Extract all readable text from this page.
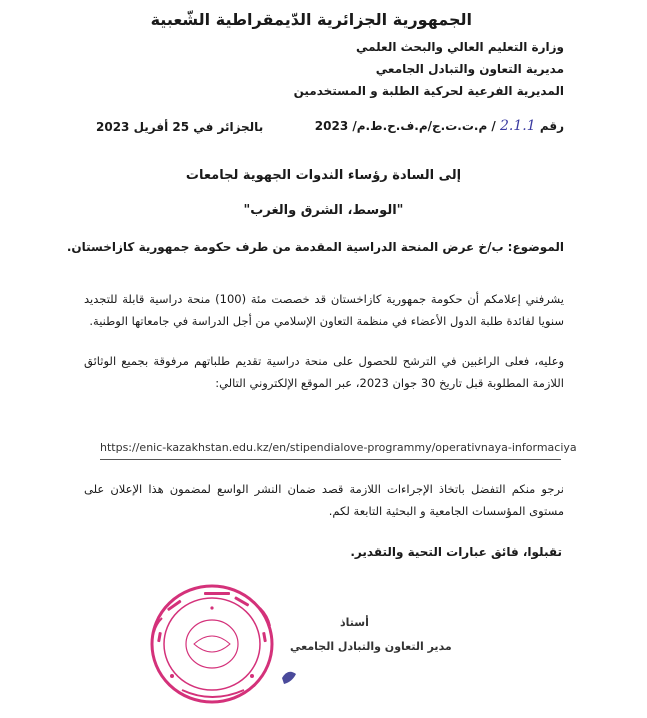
الجمهورية الجزائرية الدّيمقراطية الشّعبية
وزارة التعليم العالي والبحث العلمي
مديرية التعاون والتبادل الجامعي
المديرية الفرعية لحركية الطلبة و المستخدمين
رقم 2.1.1 / م.ت.ت.ج/م.ف.ح.ط.م/ 2023
بالجزائر في 25 أفريل 2023
إلى السادة رؤساء الندوات الجهوية لجامعات
"الوسط، الشرق والغرب"
الموضوع: ب/خ عرض المنحة الدراسية المقدمة من طرف حكومة جمهورية كازاخستان.
يشرفني إعلامكم أن حكومة جمهورية كازاخستان قد خصصت مئة (100) منحة دراسية قابلة للتجديد سنويا لفائدة طلبة الدول الأعضاء في منظمة التعاون الإسلامي من أجل الدراسة في جامعاتها الوطنية.
وعليه، فعلى الراغبين في الترشح للحصول على منحة دراسية تقديم طلباتهم مرفوقة بجميع الوثائق اللازمة المطلوبة قبل تاريخ 30 جوان 2023، عبر الموقع الإلكتروني التالي:
https://enic-kazakhstan.edu.kz/en/stipendialove-programmy/operativnaya-informaciya
نرجو منكم التفضل باتخاذ الإجراءات اللازمة قصد ضمان النشر الواسع لمضمون هذا الإعلان على مستوى المؤسسات الجامعية و البحثية التابعة لكم.
تقبلوا، فائق عبارات التحية والتقدير.
أستاذ
مدير التعاون والتبادل الجامعي
